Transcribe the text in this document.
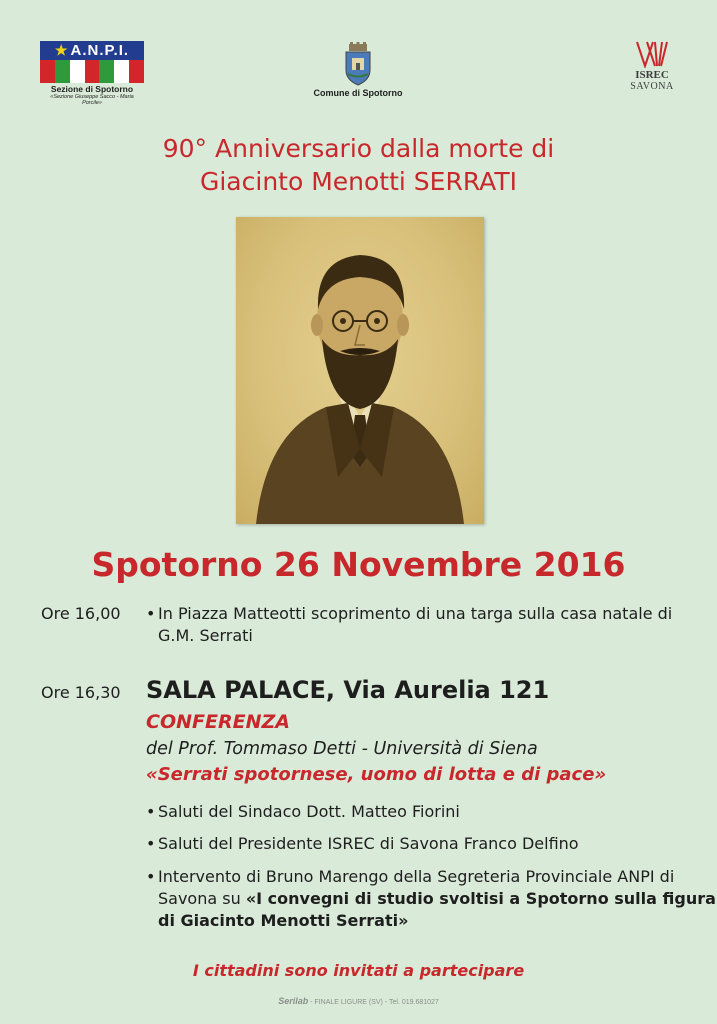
★ A.N.P.I.
Sezione di Spotorno
«Sezione Giuseppe Sacco - Maria Porcile»
Comune di Spotorno
ISREC
SAVONA
90° Anniversario dalla morte di
Giacinto Menotti SERRATI
Spotorno 26 Novembre 2016
Ore 16,00 • In Piazza Matteotti scoprimento di una targa sulla casa natale di G.M. Serrati
Ore 16,30 SALA PALACE, Via Aurelia 121
CONFERENZA
del Prof. Tommaso Detti - Università di Siena
«Serrati spotornese, uomo di lotta e di pace»
• Saluti del Sindaco Dott. Matteo Fiorini
• Saluti del Presidente ISREC di Savona Franco Delfino
• Intervento di Bruno Marengo della Segreteria Provinciale ANPI di Savona su «I convegni di studio svoltisi a Spotorno sulla figura di Giacinto Menotti Serrati»
I cittadini sono invitati a partecipare
Serilab - FINALE LIGURE (SV) - Tel. 019.681027
